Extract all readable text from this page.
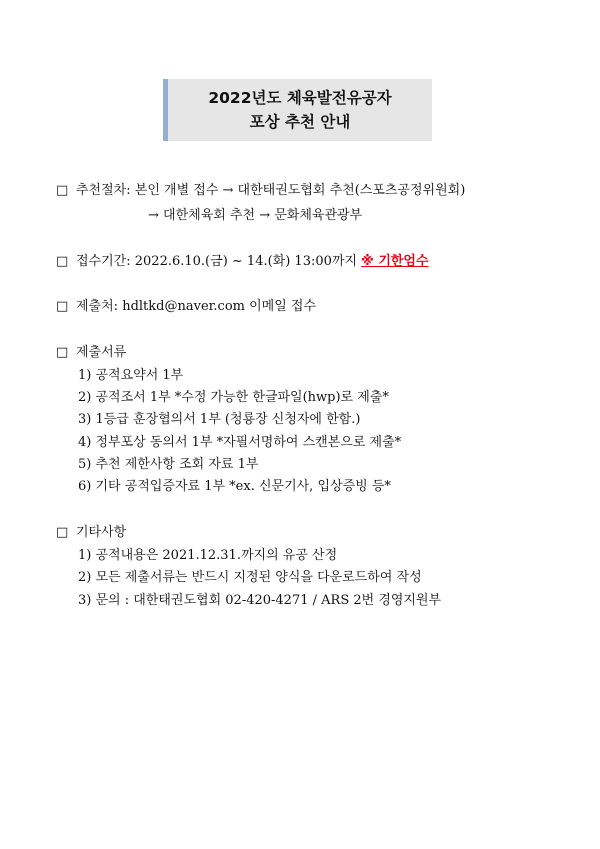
2022년도 체육발전유공자
포상 추천 안내
□ 추천절차: 본인 개별 접수 → 대한태권도협회 추천(스포츠공정위원회)
→ 대한체육회 추천 → 문화체육관광부
□ 접수기간: 2022.6.10.(금) ~ 14.(화) 13:00까지 ※ 기한엄수
□ 제출처: hdltkd@naver.com 이메일 접수
□ 제출서류
1) 공적요약서 1부
2) 공적조서 1부 *수정 가능한 한글파일(hwp)로 제출*
3) 1등급 훈장협의서 1부 (청룡장 신청자에 한함.)
4) 정부포상 동의서 1부 *자필서명하여 스캔본으로 제출*
5) 추천 제한사항 조회 자료 1부
6) 기타 공적입증자료 1부 *ex. 신문기사, 입상증빙 등*
□ 기타사항
1) 공적내용은 2021.12.31.까지의 유공 산정
2) 모든 제출서류는 반드시 지정된 양식을 다운로드하여 작성
3) 문의 : 대한태권도협회 02-420-4271 / ARS 2번 경영지원부
